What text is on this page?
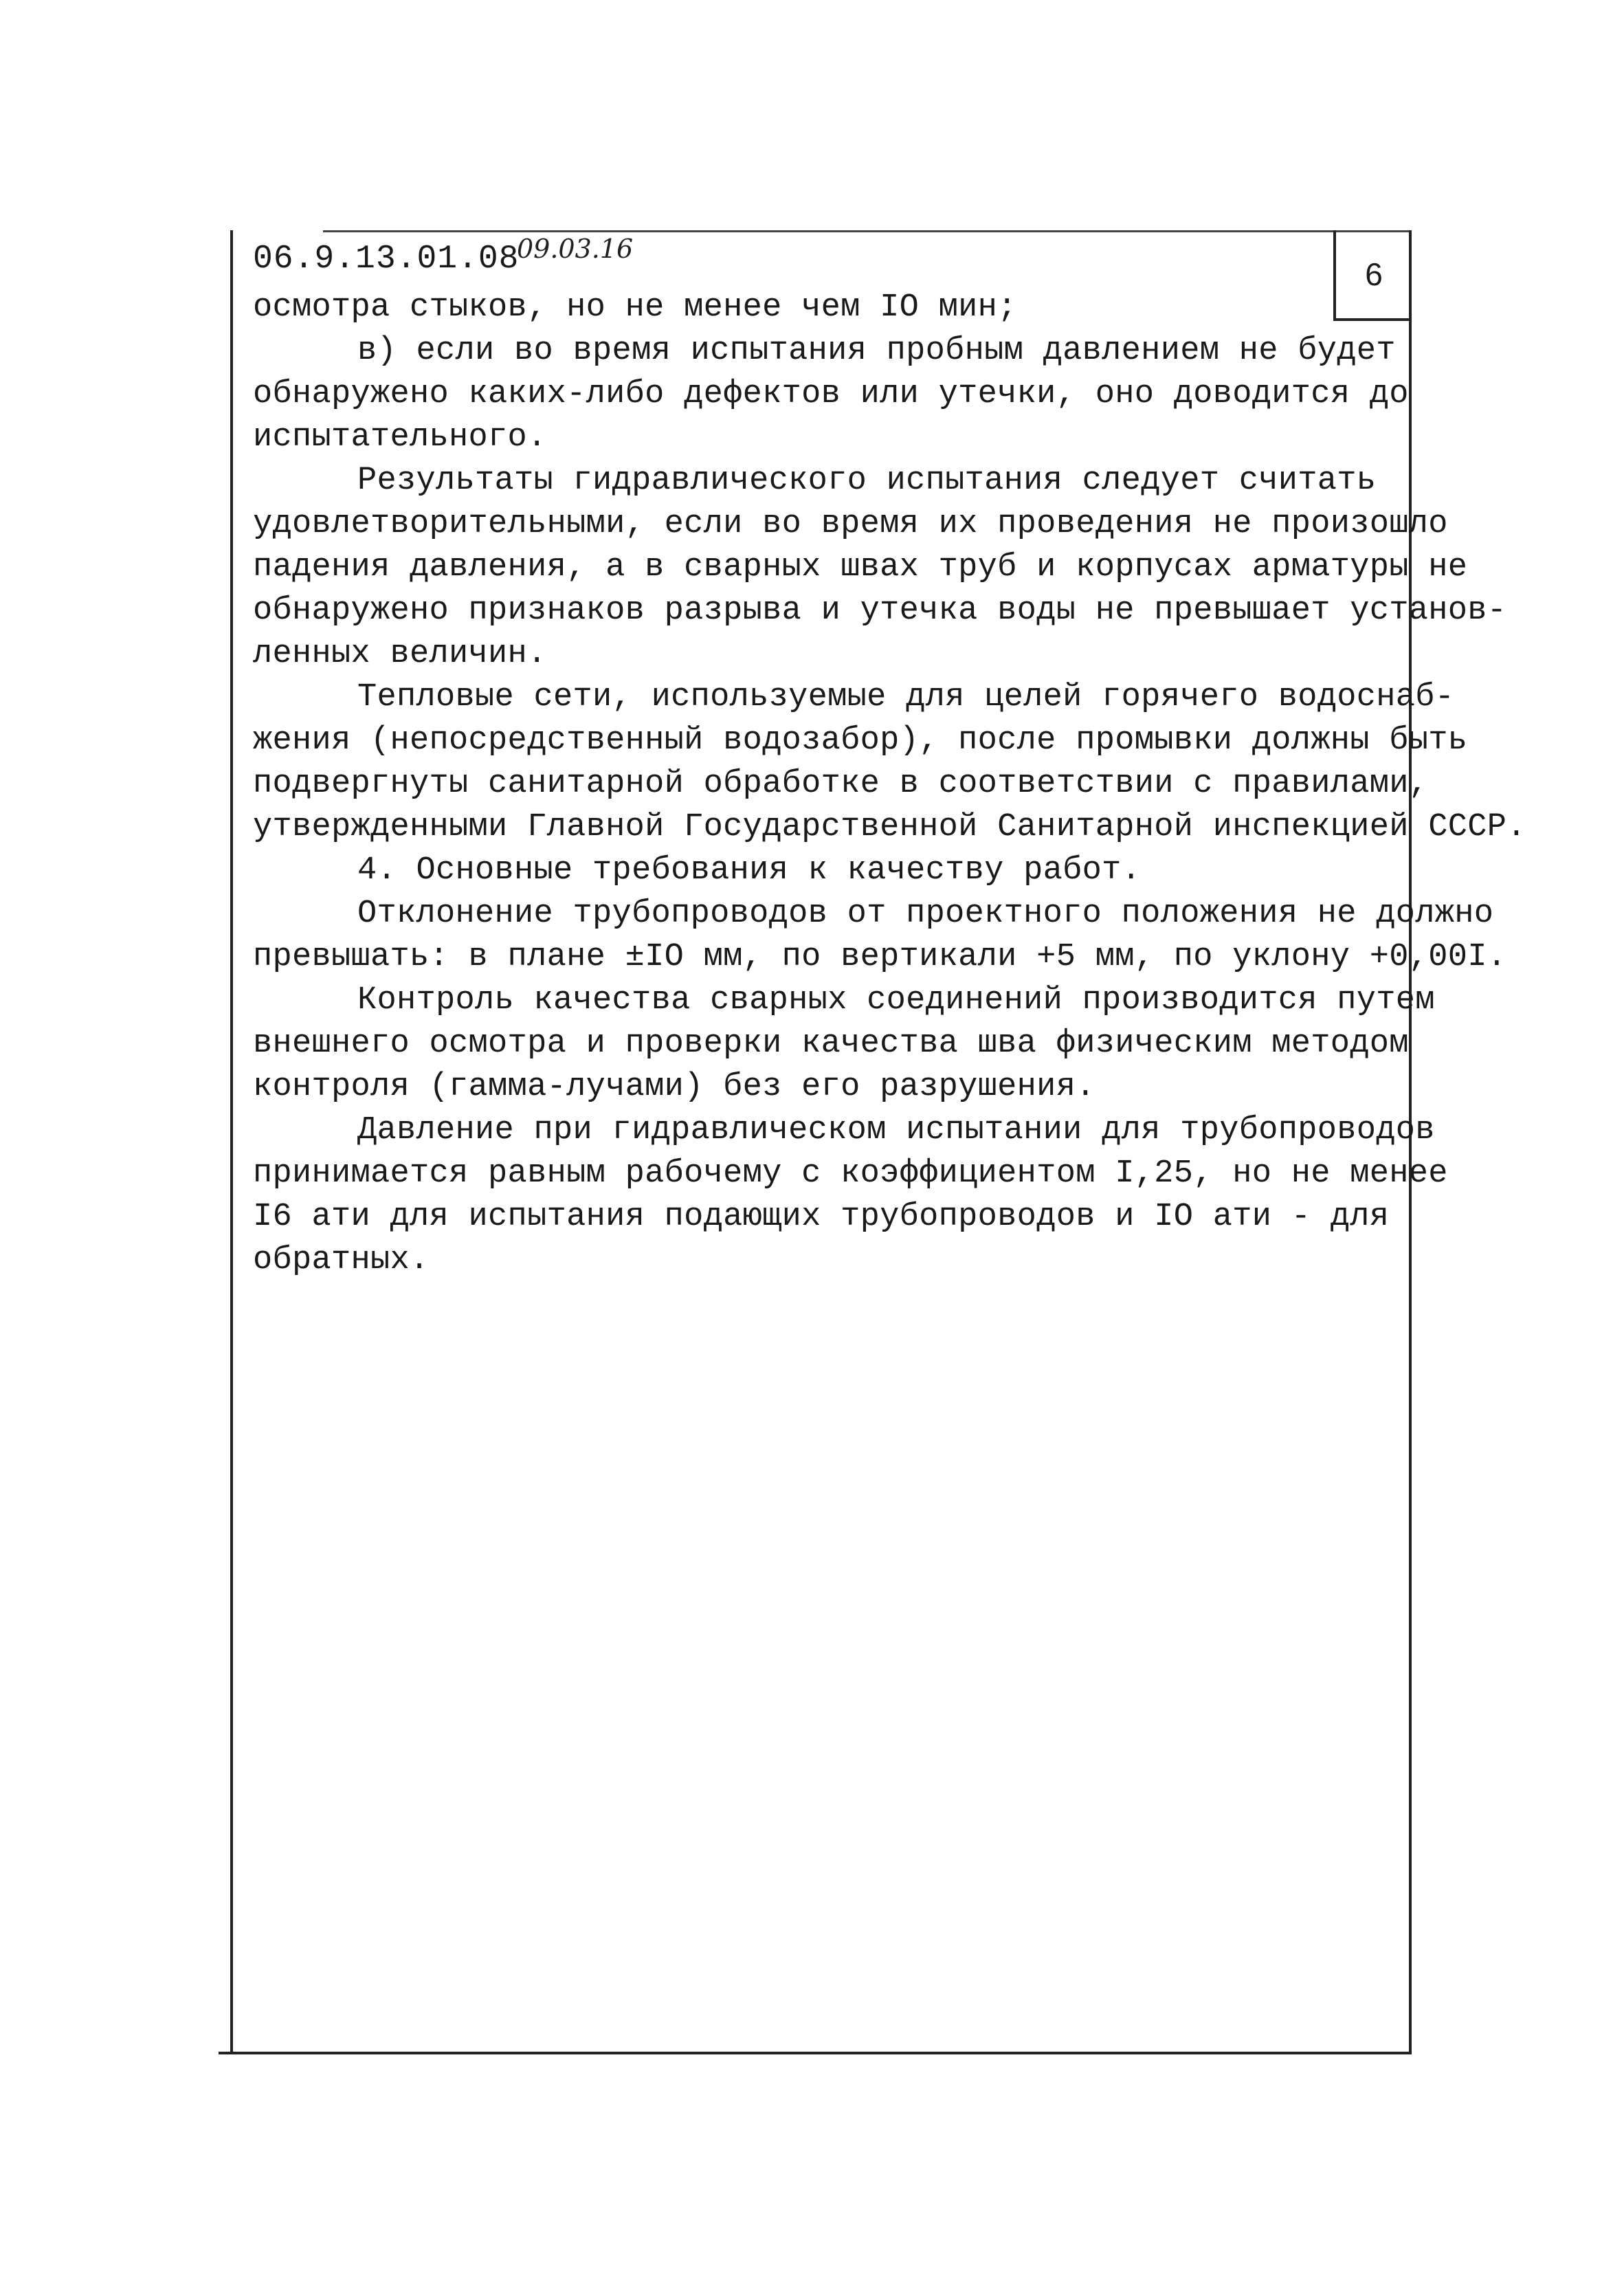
6
06.9.13.01.08
09.03.16
осмотра стыков, но не менее чем IO мин;
в) если во время испытания пробным давлением не будет
обнаружено каких-либо дефектов или утечки, оно доводится до
испытательного.
Результаты гидравлического испытания следует считать
удовлетворительными, если во время их проведения не произошло
падения давления, а в сварных швах труб и корпусах арматуры не
обнаружено признаков разрыва и утечка воды не превышает установ-
ленных величин.
Тепловые сети, используемые для целей горячего водоснаб-
жения (непосредственный водозабор), после промывки должны быть
подвергнуты санитарной обработке в соответствии с правилами,
утвержденными Главной Государственной Санитарной инспекцией СССР.
4. Основные требования к качеству работ.
Отклонение трубопроводов от проектного положения не должно
превышать: в плане ±IO мм, по вертикали +5 мм, по уклону +0,00I.
Контроль качества сварных соединений производится путем
внешнего осмотра и проверки качества шва физическим методом
контроля (гамма-лучами) без его разрушения.
Давление при гидравлическом испытании для трубопроводов
принимается равным рабочему с коэффициентом I,25, но не менее
I6 ати для испытания подающих трубопроводов и IO ати - для
обратных.
